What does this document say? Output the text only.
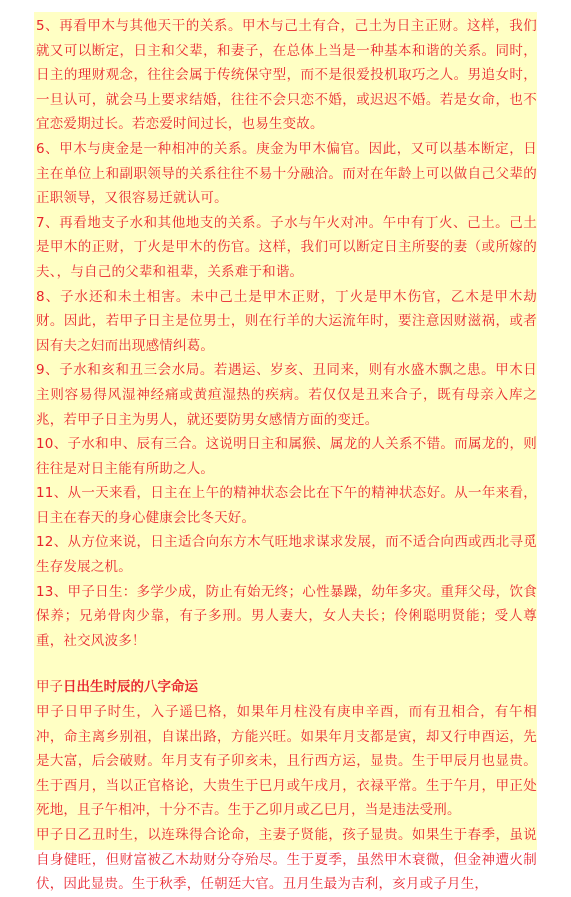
5、再看甲木与其他天干的关系。甲木与己土有合，己土为日主正财。这样，我们就又可以断定，日主和父辈，和妻子，在总体上当是一种基本和谐的关系。同时，日主的理财观念，往往会属于传统保守型，而不是很爱投机取巧之人。男追女时，一旦认可，就会马上要求结婚，往往不会只恋不婚，或迟迟不婚。若是女命，也不宜恋爱期过长。若恋爱时间过长，也易生变故。

6、甲木与庚金是一种相冲的关系。庚金为甲木偏官。因此，又可以基本断定，日主在单位上和副职领导的关系往往不易十分融洽。而对在年龄上可以做自己父辈的正职领导，又很容易迁就认可。

7、再看地支子水和其他地支的关系。子水与午火对冲。午中有丁火、己土。己土是甲木的正财，丁火是甲木的伤官。这样，我们可以断定日主所娶的妻（或所嫁的夫、，与自己的父辈和祖辈，关系难于和谐。

8、子水还和未土相害。未中己土是甲木正财，丁火是甲木伤官，乙木是甲木劫财。因此，若甲子日主是位男士，则在行羊的大运流年时，要注意因财滋祸，或者因有夫之妇而出现感情纠葛。

9、子水和亥和丑三会水局。若遇运、岁亥、丑同来，则有水盛木飘之患。甲木日主则容易得风湿神经痛或黄疸湿热的疾病。若仅仅是丑来合子，既有母亲入库之兆，若甲子日主为男人，就还要防男女感情方面的变迁。

10、子水和申、辰有三合。这说明日主和属猴、属龙的人关系不错。而属龙的，则往往是对日主能有所助之人。

11、从一天来看，日主在上午的精神状态会比在下午的精神状态好。从一年来看，日主在春天的身心健康会比冬天好。

12、从方位来说，日主适合向东方木气旺地求谋求发展，而不适合向西或西北寻觅生存发展之机。

13、甲子日生：多学少成，防止有始无终；心性暴躁，幼年多灾。重拜父母，饮食保养；兄弟骨肉少靠，有子多刑。男人妻大，女人夫长；伶俐聪明贤能；受人尊重，社交风波多！

甲子日出生时辰的八字命运

甲子日甲子时生，入子遥巳格，如果年月柱没有庚申辛酉，而有丑相合，有午相冲，命主离乡别祖，自谋出路，方能兴旺。如果年月支都是寅，却又行申酉运，先是大富，后会破财。年月支有子卯亥未，且行西方运，显贵。生于甲辰月也显贵。生于酉月，当以正官格论，大贵生于巳月或午戌月，衣禄平常。生于午月，甲正处死地，且子午相冲，十分不吉。生于乙卯月或乙巳月，当是违法受刑。

甲子日乙丑时生，以连珠得合论命，主妻子贤能，孩子显贵。如果生于春季，虽说自身健旺，但财富被乙木劫财分夺殆尽。生于夏季，虽然甲木衰微，但金神遭火制伏，因此显贵。生于秋季，任朝廷大官。丑月生最为吉利，亥月或子月生，
